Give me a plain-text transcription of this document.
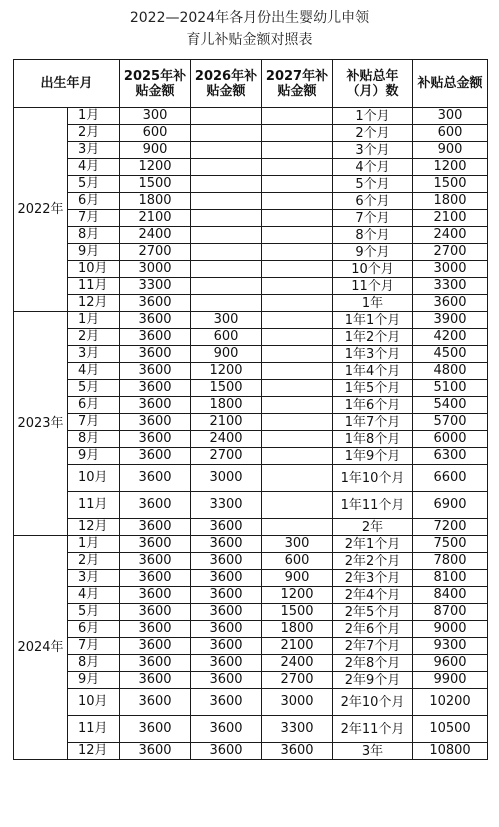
2022—2024年各月份出生婴幼儿申领
育儿补贴金额对照表
出生年月		2025年补贴金额	2026年补贴金额	2027年补贴金额	补贴总年（月）数	补贴总金额
2022年	1月	300			1个月	300
	2月	600			2个月	600
	3月	900			3个月	900
	4月	1200			4个月	1200
	5月	1500			5个月	1500
	6月	1800			6个月	1800
	7月	2100			7个月	2100
	8月	2400			8个月	2400
	9月	2700			9个月	2700
	10月	3000			10个月	3000
	11月	3300			11个月	3300
	12月	3600			1年	3600
2023年	1月	3600	300		1年1个月	3900
	2月	3600	600		1年2个月	4200
	3月	3600	900		1年3个月	4500
	4月	3600	1200		1年4个月	4800
	5月	3600	1500		1年5个月	5100
	6月	3600	1800		1年6个月	5400
	7月	3600	2100		1年7个月	5700
	8月	3600	2400		1年8个月	6000
	9月	3600	2700		1年9个月	6300
	10月	3600	3000		1年10个月	6600
	11月	3600	3300		1年11个月	6900
	12月	3600	3600		2年	7200
2024年	1月	3600	3600	300	2年1个月	7500
	2月	3600	3600	600	2年2个月	7800
	3月	3600	3600	900	2年3个月	8100
	4月	3600	3600	1200	2年4个月	8400
	5月	3600	3600	1500	2年5个月	8700
	6月	3600	3600	1800	2年6个月	9000
	7月	3600	3600	2100	2年7个月	9300
	8月	3600	3600	2400	2年8个月	9600
	9月	3600	3600	2700	2年9个月	9900
	10月	3600	3600	3000	2年10个月	10200
	11月	3600	3600	3300	2年11个月	10500
	12月	3600	3600	3600	3年	10800
